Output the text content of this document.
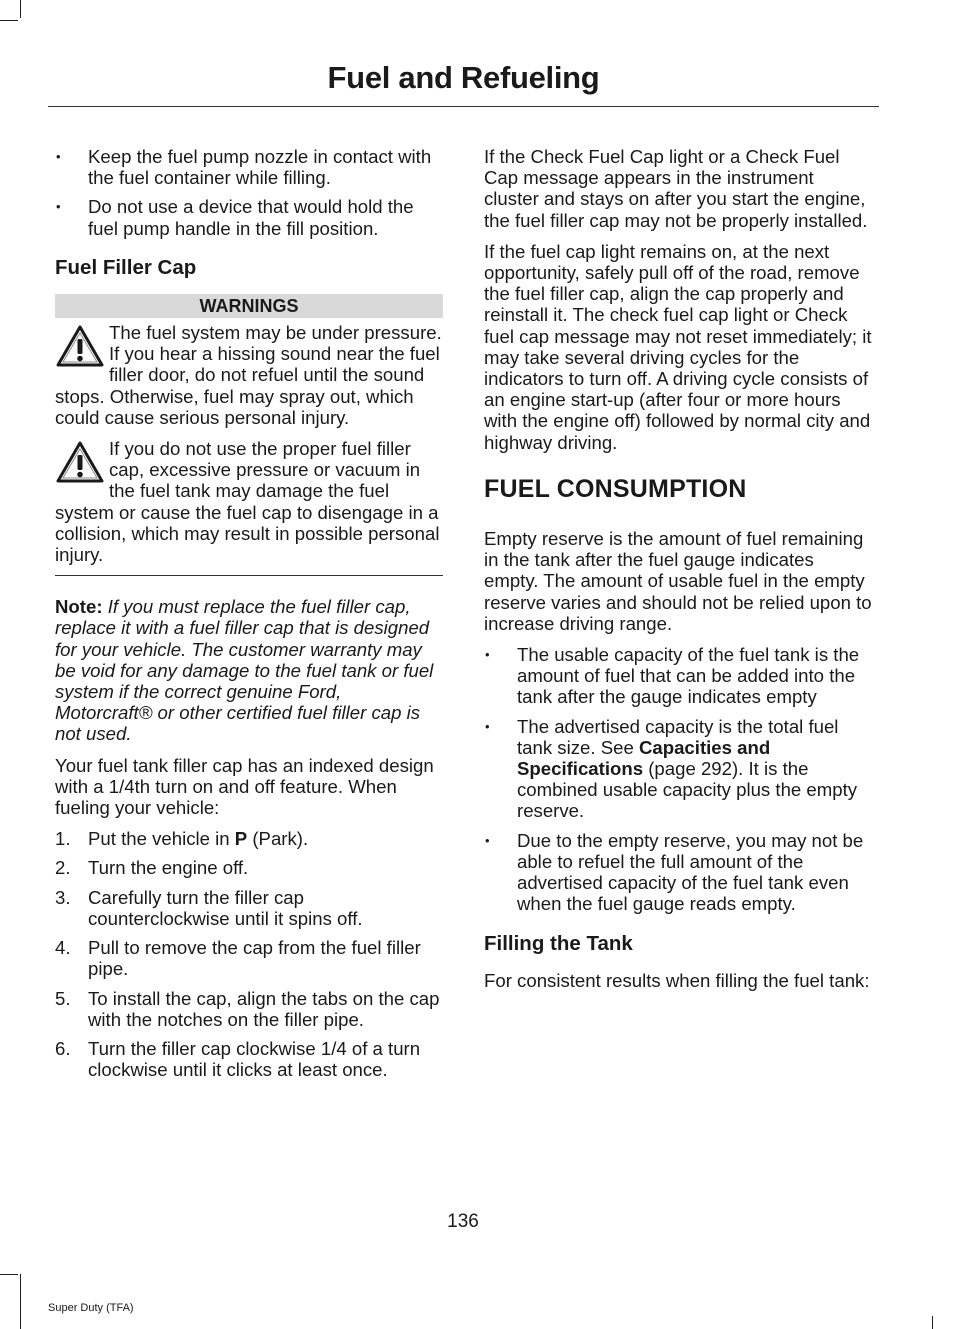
Fuel and Refueling
• Keep the fuel pump nozzle in contact with the fuel container while filling.
• Do not use a device that would hold the fuel pump handle in the fill position.
Fuel Filler Cap
WARNINGS
The fuel system may be under pressure. If you hear a hissing sound near the fuel filler door, do not refuel until the sound stops. Otherwise, fuel may spray out, which could cause serious personal injury.
If you do not use the proper fuel filler cap, excessive pressure or vacuum in the fuel tank may damage the fuel system or cause the fuel cap to disengage in a collision, which may result in possible personal injury.

Note: If you must replace the fuel filler cap, replace it with a fuel filler cap that is designed for your vehicle. The customer warranty may be void for any damage to the fuel tank or fuel system if the correct genuine Ford, Motorcraft® or other certified fuel filler cap is not used.

Your fuel tank filler cap has an indexed design with a 1/4th turn on and off feature. When fueling your vehicle:

1. Put the vehicle in P (Park).
2. Turn the engine off.
3. Carefully turn the filler cap counterclockwise until it spins off.
4. Pull to remove the cap from the fuel filler pipe.
5. To install the cap, align the tabs on the cap with the notches on the filler pipe.
6. Turn the filler cap clockwise 1/4 of a turn clockwise until it clicks at least once.

If the Check Fuel Cap light or a Check Fuel Cap message appears in the instrument cluster and stays on after you start the engine, the fuel filler cap may not be properly installed.

If the fuel cap light remains on, at the next opportunity, safely pull off of the road, remove the fuel filler cap, align the cap properly and reinstall it. The check fuel cap light or Check fuel cap message may not reset immediately; it may take several driving cycles for the indicators to turn off. A driving cycle consists of an engine start-up (after four or more hours with the engine off) followed by normal city and highway driving.

FUEL CONSUMPTION

Empty reserve is the amount of fuel remaining in the tank after the fuel gauge indicates empty. The amount of usable fuel in the empty reserve varies and should not be relied upon to increase driving range.

• The usable capacity of the fuel tank is the amount of fuel that can be added into the tank after the gauge indicates empty
• The advertised capacity is the total fuel tank size. See Capacities and Specifications (page 292). It is the combined usable capacity plus the empty reserve.
• Due to the empty reserve, you may not be able to refuel the full amount of the advertised capacity of the fuel tank even when the fuel gauge reads empty.
Filling the Tank

For consistent results when filling the fuel tank:

136
Super Duty (TFA)
